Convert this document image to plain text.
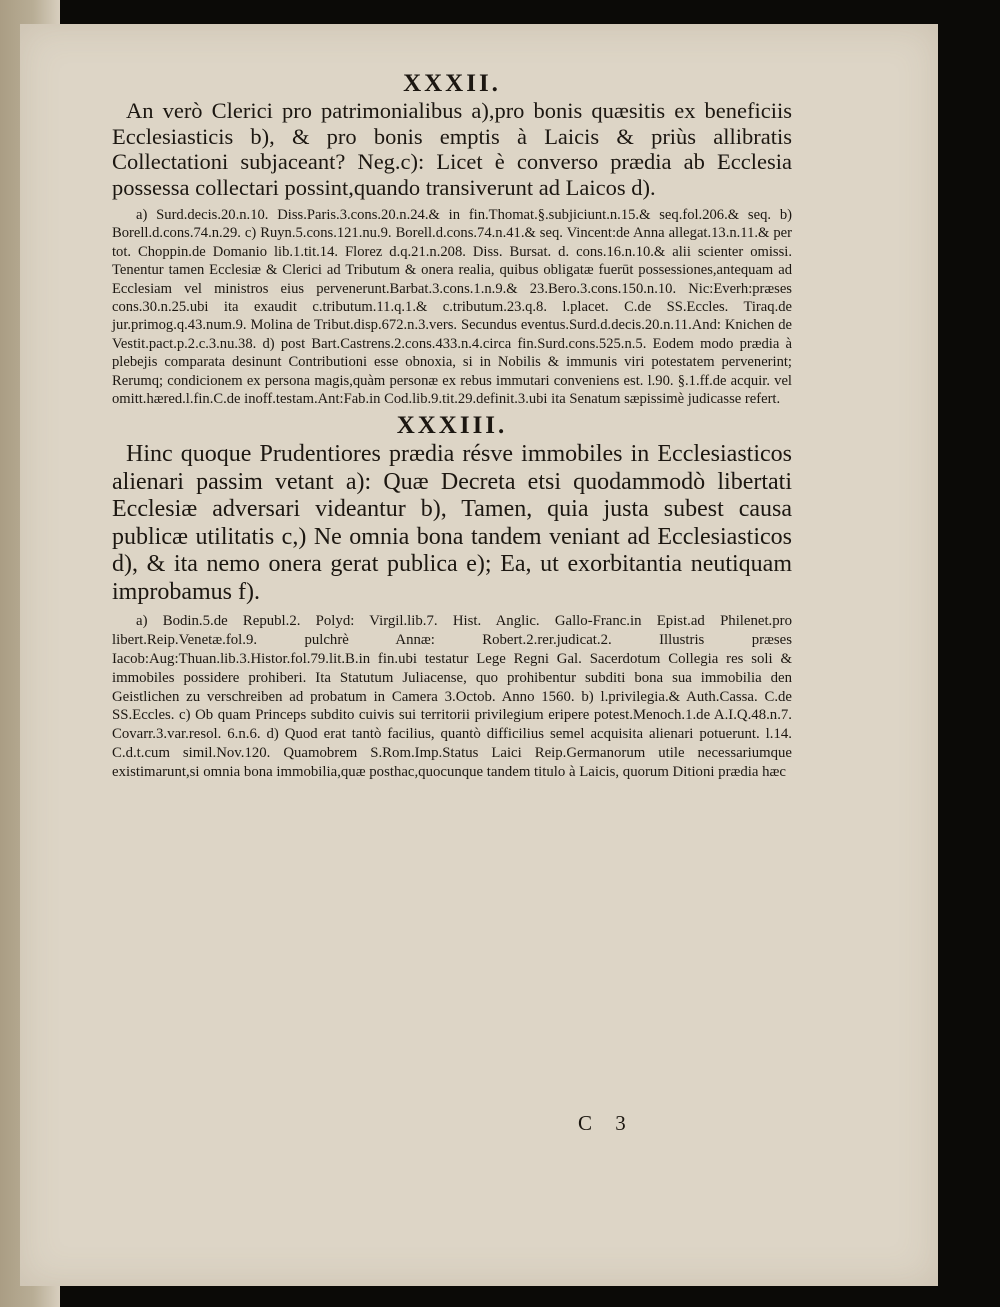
XXXII.

An verò Clerici pro patrimonialibus a),pro bonis quæsitis ex beneficiis Ecclesiasticis b), & pro bonis emptis à Laicis & priùs allibratis Collectationi subjaceant? Neg.c): Licet è converso prædia ab Ecclesia possessa collectari possint,quando transiverunt ad Laicos d).

a) Surd.decis.20.n.10. Diss.Paris.3.cons.20.n.24.& in fin.Thomat.§.subjiciunt.n.15.& seq.fol.206.& seq. b) Borell.d.cons.74.n.29. c) Ruyn.5.cons.121.nu.9. Borell.d.cons.74.n.41.& seq. Vincent:de Anna allegat.13.n.11.& per tot. Choppin.de Domanio lib.1.tit.14. Florez d.q.21.n.208. Diss. Bursat. d. cons.16.n.10.& alii scienter omissi. Tenentur tamen Ecclesiæ & Clerici ad Tributum & onera realia, quibus obligatæ fuerūt possessiones,antequam ad Ecclesiam vel ministros eius pervenerunt.Barbat.3.cons.1.n.9.& 23.Bero.3.cons.150.n.10. Nic:Everh:præses cons.30.n.25.ubi ita exaudit c.tributum.11.q.1.& c.tributum.23.q.8. l.placet. C.de SS.Eccles. Tiraq.de jur.primog.q.43.num.9. Molina de Tribut.disp.672.n.3.vers. Secundus eventus.Surd.d.decis.20.n.11.And: Knichen de Vestit.pact.p.2.c.3.nu.38. d) post Bart.Castrens.2.cons.433.n.4.circa fin.Surd.cons.525.n.5. Eodem modo prædia à plebejis comparata desinunt Contributioni esse obnoxia, si in Nobilis & immunis viri potestatem pervenerint; Rerumq; condicionem ex persona magis,quàm personæ ex rebus immutari conveniens est. l.90. §.1.ff.de acquir. vel omitt.hæred.l.fin.C.de inoff.testam.Ant:Fab.in Cod.lib.9.tit.29.definit.3.ubi ita Senatum sæpissimè judicasse refert.

XXXIII.

Hinc quoque Prudentiores prædia résve immobiles in Ecclesiasticos alienari passim vetant a): Quæ Decreta etsi quodammodò libertati Ecclesiæ adversari videantur b), Tamen, quia justa subest causa publicæ utilitatis c,) Ne omnia bona tandem veniant ad Ecclesiasticos d), & ita nemo onera gerat publica e); Ea, ut exorbitantia neutiquam improbamus f).

a) Bodin.5.de Republ.2. Polyd: Virgil.lib.7. Hist. Anglic. Gallo-Franc.in Epist.ad Philenet.pro libert.Reip.Venetæ.fol.9. pulchrè Annæ: Robert.2.rer.judicat.2. Illustris præses Iacob:Aug:Thuan.lib.3.Histor.fol.79.lit.B.in fin.ubi testatur Lege Regni Gal. Sacerdotum Collegia res soli & immobiles possidere prohiberi. Ita Statutum Juliacense, quo prohibentur subditi bona sua immobilia den Geistlichen zu verschreiben ad probatum in Camera 3.Octob. Anno 1560. b) l.privilegia.& Auth.Cassa. C.de SS.Eccles. c) Ob quam Princeps subdito cuivis sui territorii privilegium eripere potest.Menoch.1.de A.I.Q.48.n.7. Covarr.3.var.resol. 6.n.6. d) Quod erat tantò facilius, quantò difficilius semel acquisita alienari potuerunt. l.14. C.d.t.cum simil.Nov.120. Quamobrem S.Rom.Imp.Status Laici Reip.Germanorum utile necessariumque existimarunt,si omnia bona immobilia,quæ posthac,quocunque tandem titulo à Laicis, quorum Ditioni prædia hæc

C 3
